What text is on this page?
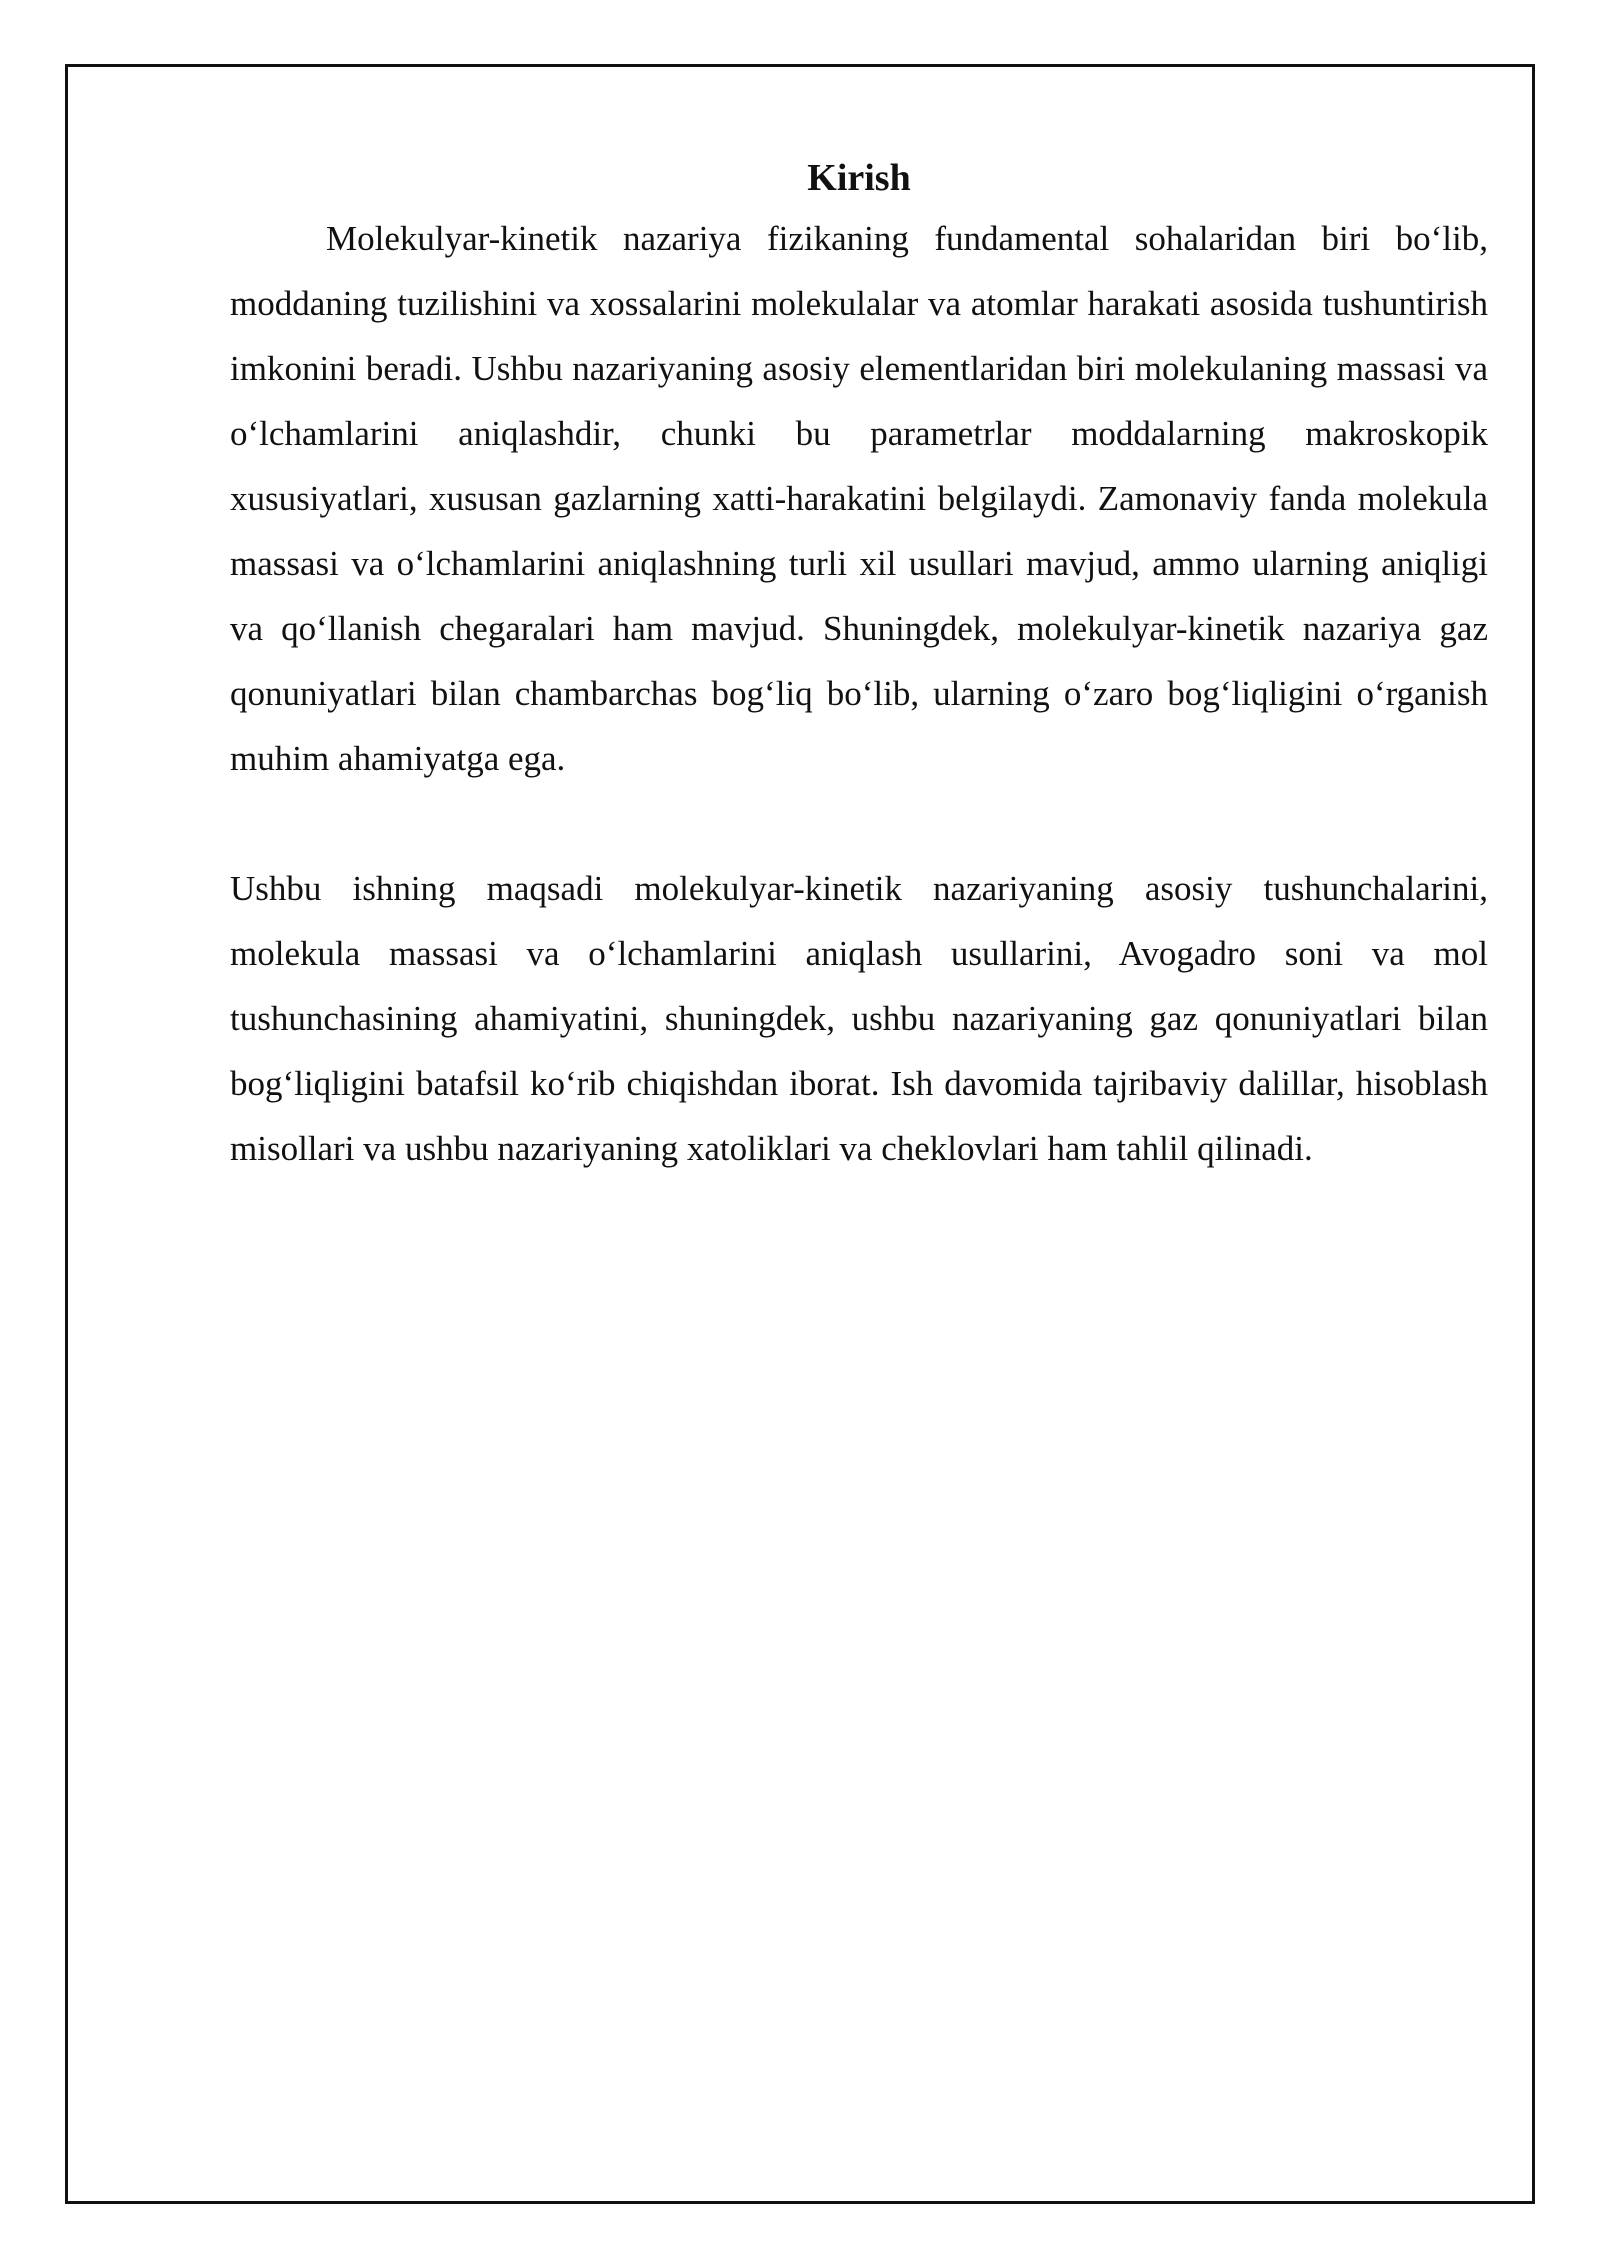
Kirish

Molekulyar-kinetik nazariya fizikaning fundamental sohalaridan biri bo‘lib, moddaning tuzilishini va xossalarini molekulalar va atomlar harakati asosida tushuntirish imkonini beradi. Ushbu nazariyaning asosiy elementlaridan biri molekulaning massasi va o‘lchamlarini aniqlashdir, chunki bu parametrlar moddalarning makroskopik xususiyatlari, xususan gazlarning xatti-harakatini belgilaydi. Zamonaviy fanda molekula massasi va o‘lchamlarini aniqlashning turli xil usullari mavjud, ammo ularning aniqligi va qo‘llanish chegaralari ham mavjud. Shuningdek, molekulyar-kinetik nazariya gaz qonuniyatlari bilan chambarchas bog‘liq bo‘lib, ularning o‘zaro bog‘liqligini o‘rganish muhim ahamiyatga ega.

Ushbu ishning maqsadi molekulyar-kinetik nazariyaning asosiy tushunchalarini, molekula massasi va o‘lchamlarini aniqlash usullarini, Avogadro soni va mol tushunchasining ahamiyatini, shuningdek, ushbu nazariyaning gaz qonuniyatlari bilan bog‘liqligini batafsil ko‘rib chiqishdan iborat. Ish davomida tajribaviy dalillar, hisoblash misollari va ushbu nazariyaning xatoliklari va cheklovlari ham tahlil qilinadi.
